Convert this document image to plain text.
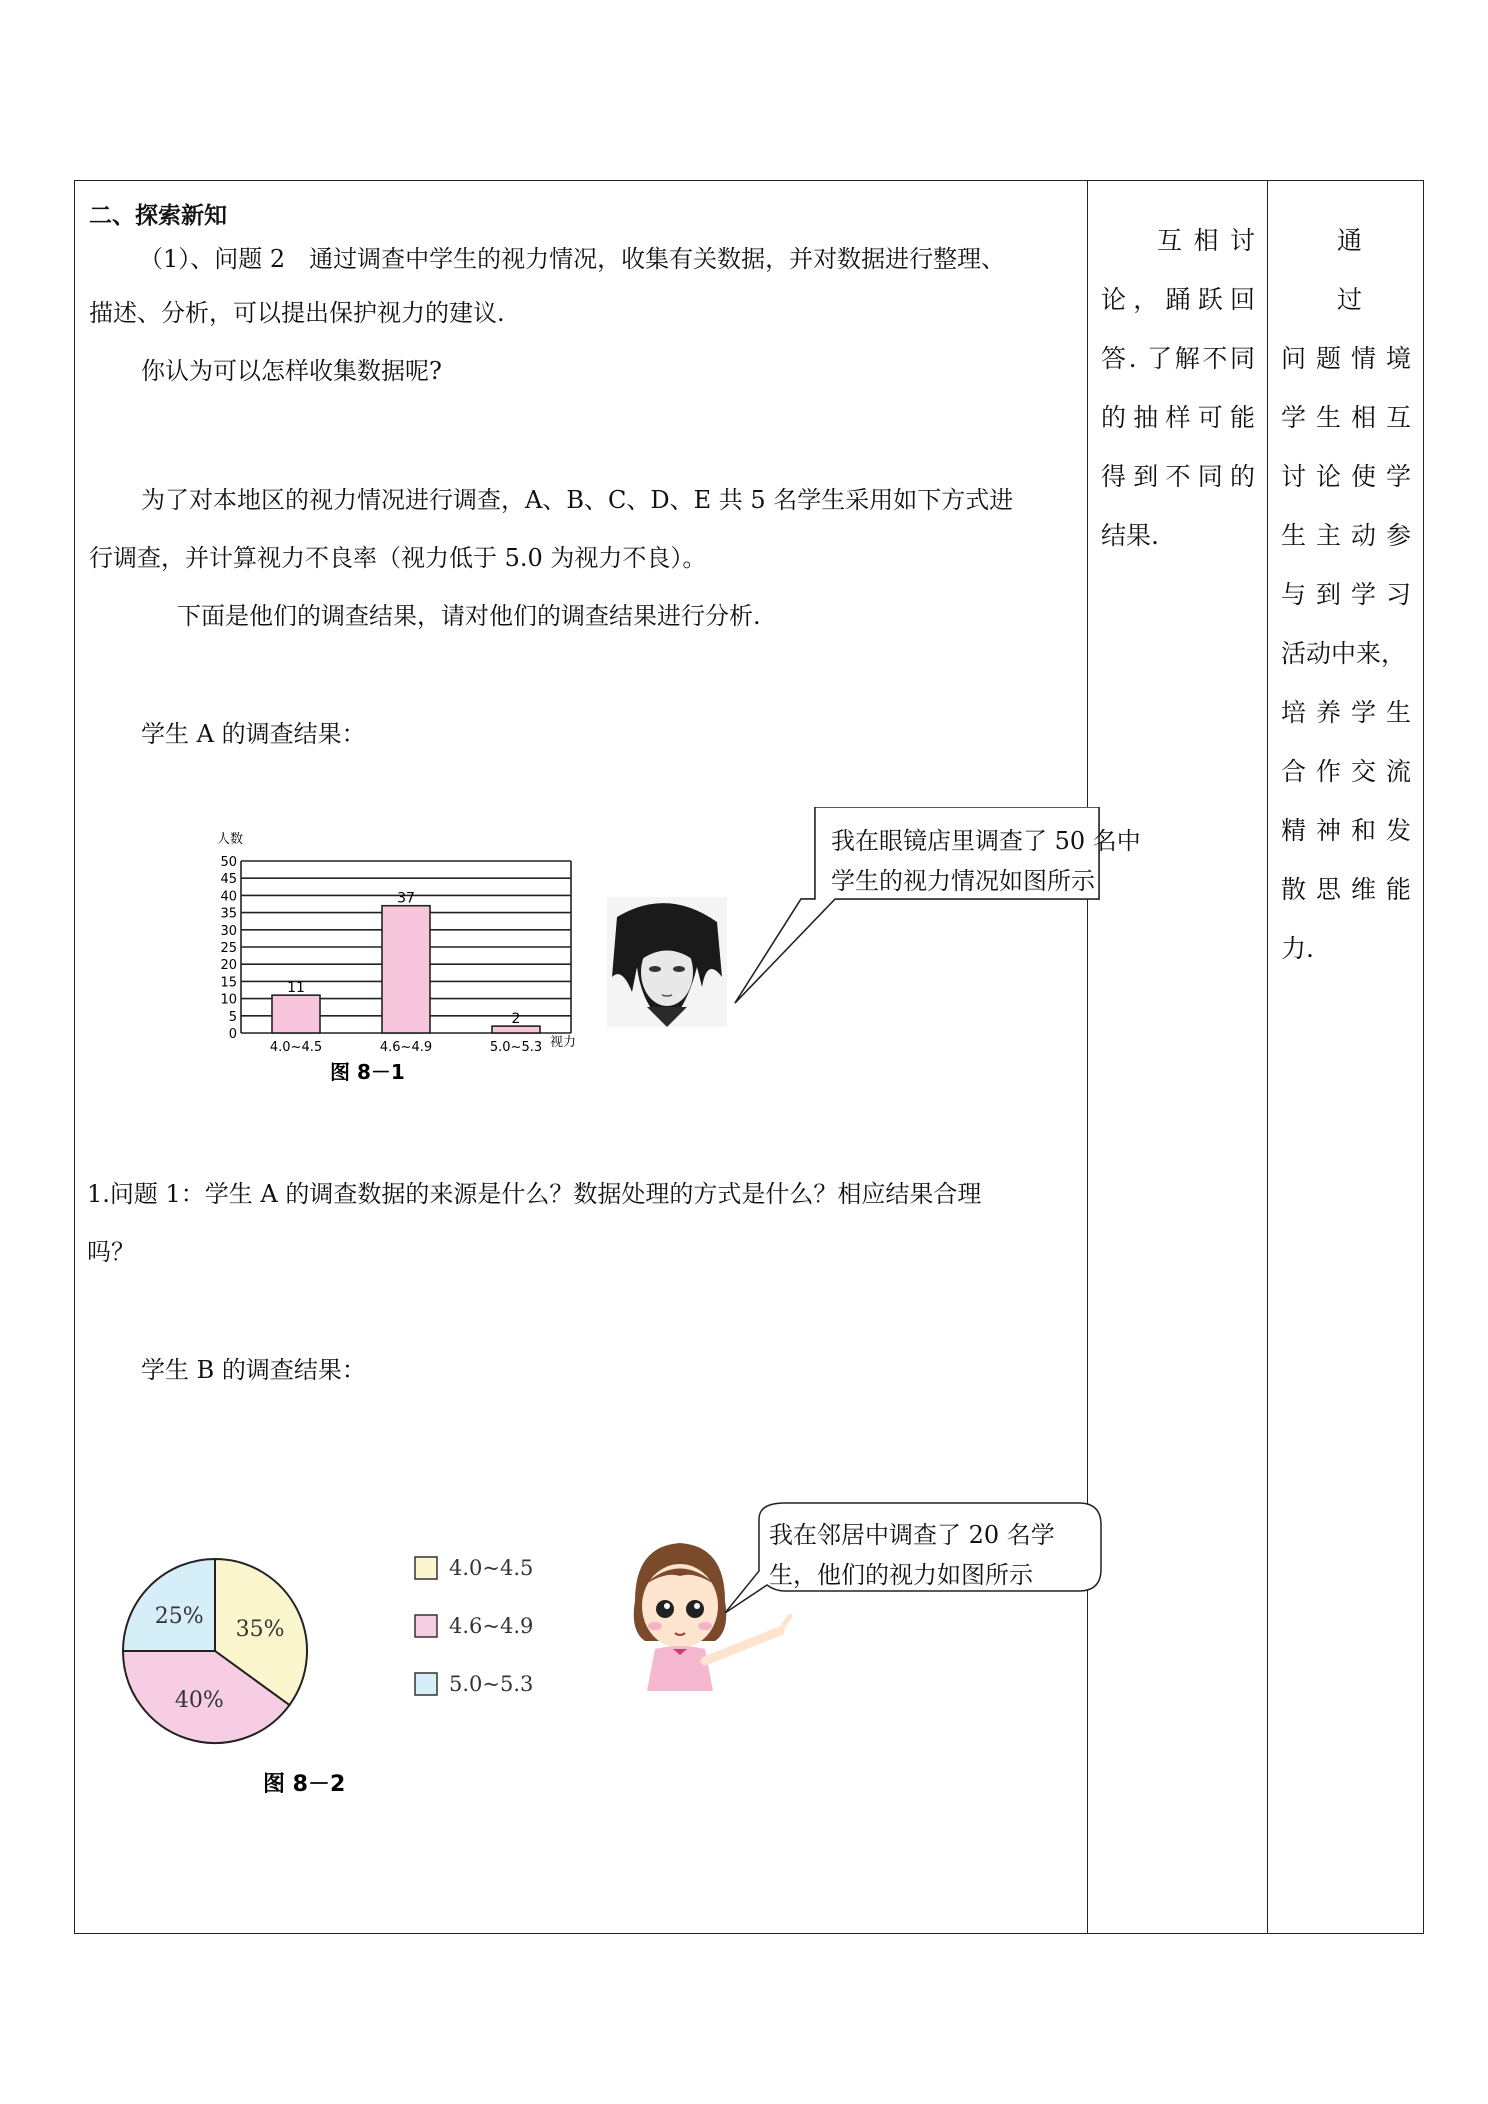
二、探索新知
（1）、问题 2　通过调查中学生的视力情况，收集有关数据，并对数据进行整理、
描述、分析，可以提出保护视力的建议.
你认为可以怎样收集数据呢?
为了对本地区的视力情况进行调查，A、B、C、D、E 共 5 名学生采用如下方式进
行调查，并计算视力不良率（视力低于 5.0 为视力不良）。
下面是他们的调查结果，请对他们的调查结果进行分析.
学生 A 的调查结果：
人数
0
5
10
15
20
25
30
35
40
45
50
11
37
2
4.0~4.5	4.6~4.9	5.0~5.3 视力
图 8－1
我在眼镜店里调查了 50 名中
学生的视力情况如图所示
1.问题 1：学生 A 的调查数据的来源是什么？数据处理的方式是什么？相应结果合理
吗？
学生 B 的调查结果：
35%
40%
25%
4.0~4.5
4.6~4.9
5.0~5.3
图 8－2
我在邻居中调查了 20 名学
生，他们的视力如图所示
互 相 讨
论，踊跃回
答. 了解不同
的抽样可能
得到不同的
结果.
通　过
问题情境
学生相互
讨论使学
生主动参
与到学习
活动中来，
培养学生
合作交流
精神和发
散思维能
力.
